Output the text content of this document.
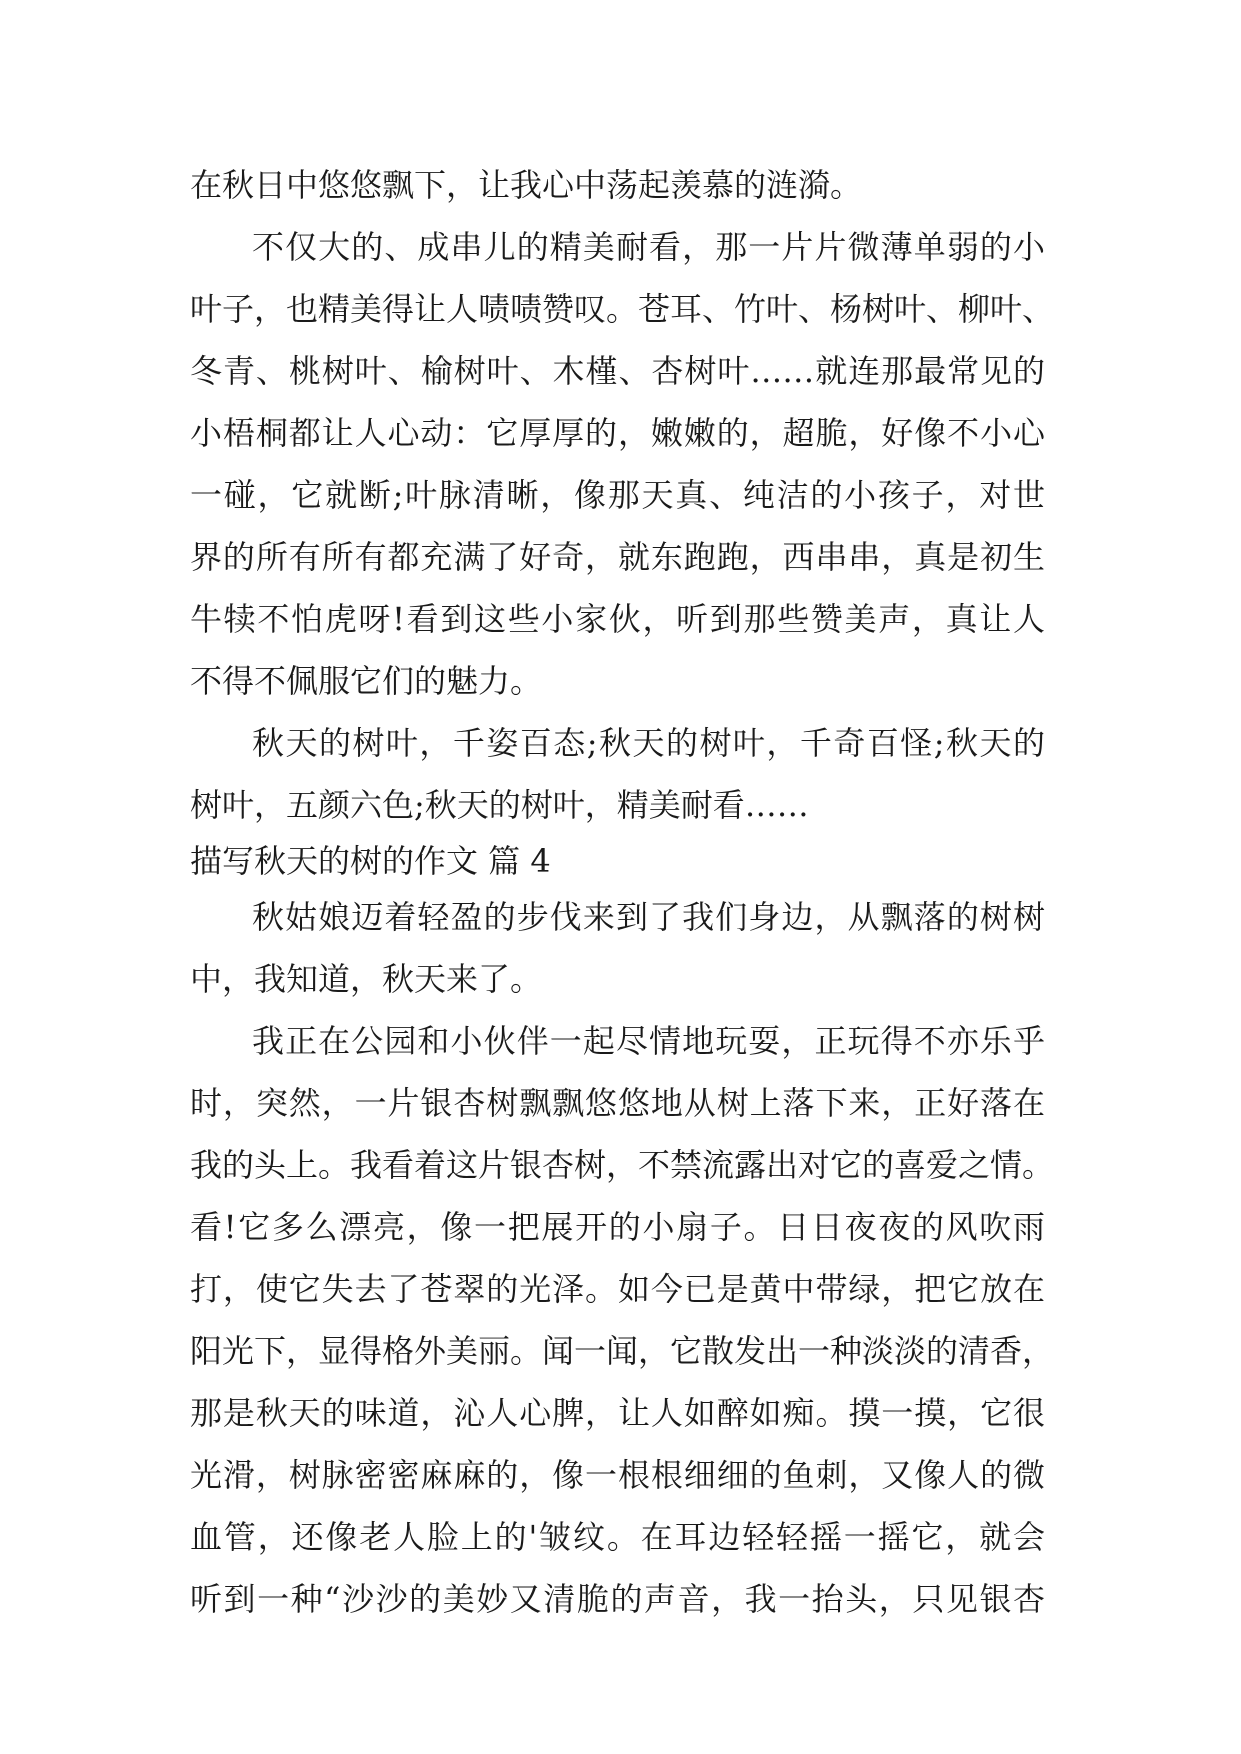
在秋日中悠悠飘下，让我心中荡起羡慕的涟漪。
不仅大的、成串儿的精美耐看，那一片片微薄单弱的小
叶子，也精美得让人啧啧赞叹。苍耳、竹叶、杨树叶、柳叶、
冬青、桃树叶、榆树叶、木槿、杏树叶……就连那最常见的
小梧桐都让人心动：它厚厚的，嫩嫩的，超脆，好像不小心
一碰，它就断;叶脉清晰，像那天真、纯洁的小孩子，对世
界的所有所有都充满了好奇，就东跑跑，西串串，真是初生
牛犊不怕虎呀!看到这些小家伙，听到那些赞美声，真让人
不得不佩服它们的魅力。
秋天的树叶，千姿百态;秋天的树叶，千奇百怪;秋天的
树叶，五颜六色;秋天的树叶，精美耐看……
描写秋天的树的作文 篇 4
秋姑娘迈着轻盈的步伐来到了我们身边，从飘落的树树
中，我知道，秋天来了。
我正在公园和小伙伴一起尽情地玩耍，正玩得不亦乐乎
时，突然，一片银杏树飘飘悠悠地从树上落下来，正好落在
我的头上。我看着这片银杏树，不禁流露出对它的喜爱之情。
看!它多么漂亮，像一把展开的小扇子。日日夜夜的风吹雨
打，使它失去了苍翠的光泽。如今已是黄中带绿，把它放在
阳光下，显得格外美丽。闻一闻，它散发出一种淡淡的清香，
那是秋天的味道，沁人心脾，让人如醉如痴。摸一摸，它很
光滑，树脉密密麻麻的，像一根根细细的鱼刺，又像人的微
血管，还像老人脸上的'皱纹。在耳边轻轻摇一摇它，就会
听到一种“沙沙的美妙又清脆的声音，我一抬头，只见银杏
